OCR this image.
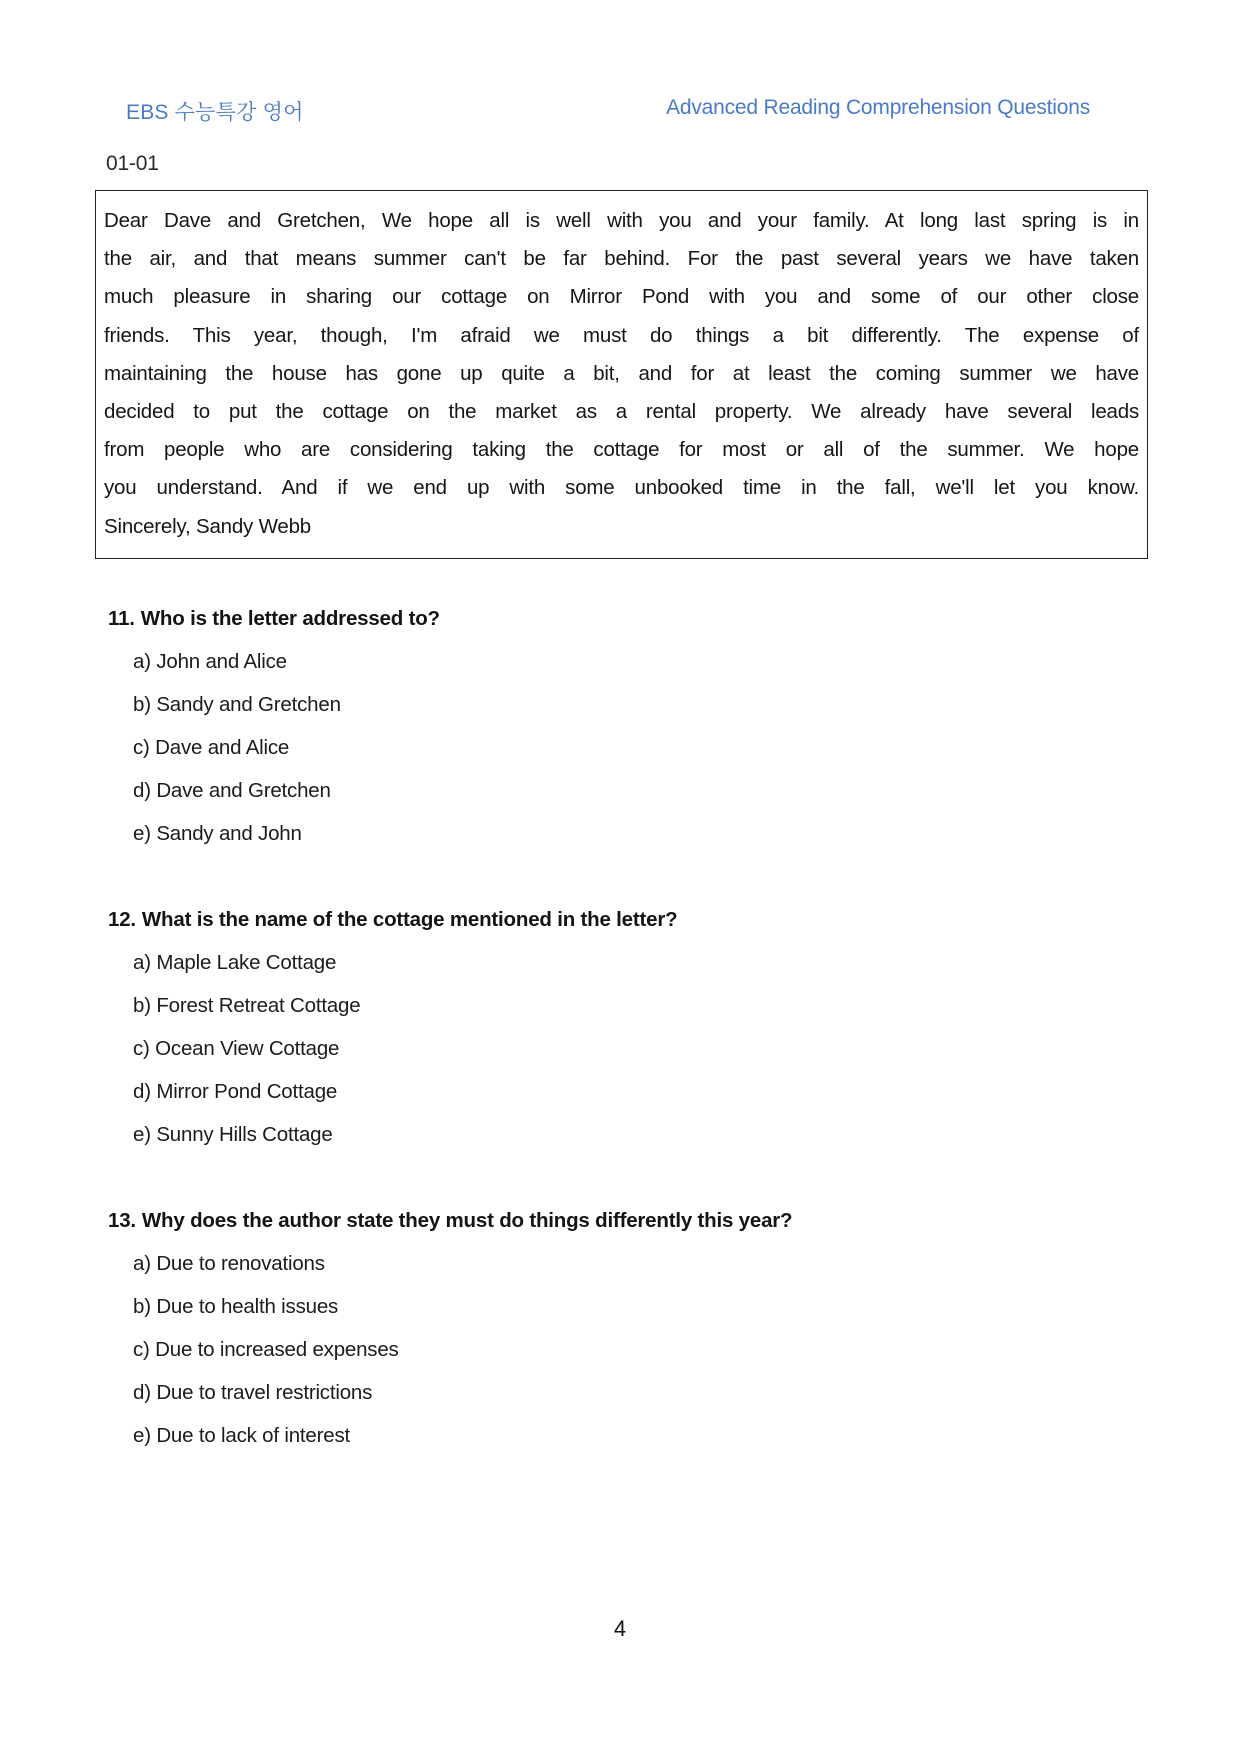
EBS 수능특강 영어	Advanced Reading Comprehension Questions
01-01
Dear Dave and Gretchen, We hope all is well with you and your family. At long last spring is in
the air, and that means summer can't be far behind. For the past several years we have taken
much pleasure in sharing our cottage on Mirror Pond with you and some of our other close
friends. This year, though, I'm afraid we must do things a bit differently. The expense of
maintaining the house has gone up quite a bit, and for at least the coming summer we have
decided to put the cottage on the market as a rental property. We already have several leads
from people who are considering taking the cottage for most or all of the summer. We hope
you understand. And if we end up with some unbooked time in the fall, we'll let you know.
Sincerely, Sandy Webb
11. Who is the letter addressed to?
a) John and Alice
b) Sandy and Gretchen
c) Dave and Alice
d) Dave and Gretchen
e) Sandy and John
12. What is the name of the cottage mentioned in the letter?
a) Maple Lake Cottage
b) Forest Retreat Cottage
c) Ocean View Cottage
d) Mirror Pond Cottage
e) Sunny Hills Cottage
13. Why does the author state they must do things differently this year?
a) Due to renovations
b) Due to health issues
c) Due to increased expenses
d) Due to travel restrictions
e) Due to lack of interest
4
